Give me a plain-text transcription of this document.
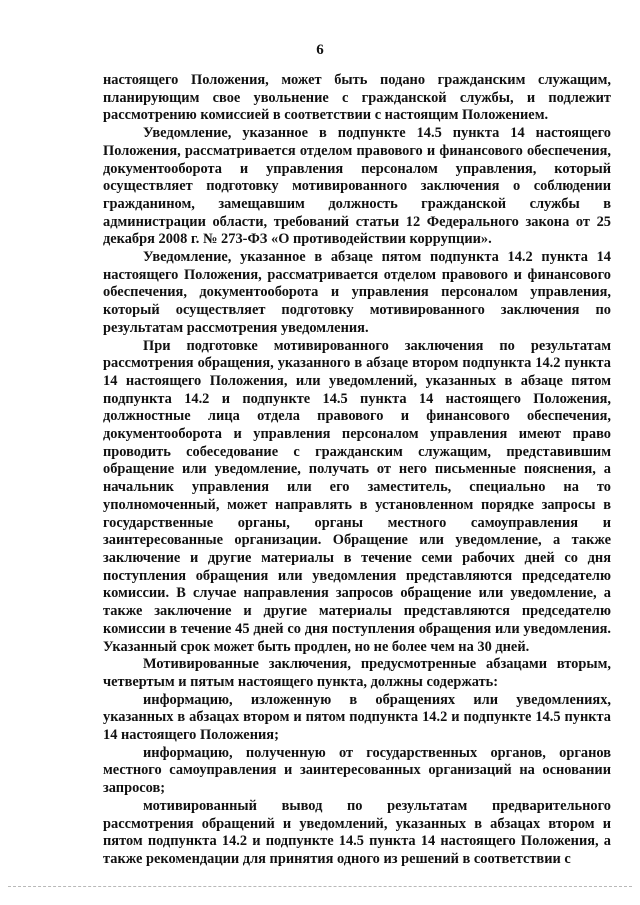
6

настоящего Положения, может быть подано гражданским служащим, планирующим свое увольнение с гражданской службы, и подлежит рассмотрению комиссией в соответствии с настоящим Положением.

Уведомление, указанное в подпункте 14.5 пункта 14 настоящего Положения, рассматривается отделом правового и финансового обеспечения, документооборота и управления персоналом управления, который осуществляет подготовку мотивированного заключения о соблюдении гражданином, замещавшим должность гражданской службы в администрации области, требований статьи 12 Федерального закона от 25 декабря 2008 г. № 273-ФЗ «О противодействии коррупции».

Уведомление, указанное в абзаце пятом подпункта 14.2 пункта 14 настоящего Положения, рассматривается отделом правового и финансового обеспечения, документооборота и управления персоналом управления, который осуществляет подготовку мотивированного заключения по результатам рассмотрения уведомления.

При подготовке мотивированного заключения по результатам рассмотрения обращения, указанного в абзаце втором подпункта 14.2 пункта 14 настоящего Положения, или уведомлений, указанных в абзаце пятом подпункта 14.2 и подпункте 14.5 пункта 14 настоящего Положения, должностные лица отдела правового и финансового обеспечения, документооборота и управления персоналом управления имеют право проводить собеседование с гражданским служащим, представившим обращение или уведомление, получать от него письменные пояснения, а начальник управления или его заместитель, специально на то уполномоченный, может направлять в установленном порядке запросы в государственные органы, органы местного самоуправления и заинтересованные организации. Обращение или уведомление, а также заключение и другие материалы в течение семи рабочих дней со дня поступления обращения или уведомления представляются председателю комиссии. В случае направления запросов обращение или уведомление, а также заключение и другие материалы представляются председателю комиссии в течение 45 дней со дня поступления обращения или уведомления. Указанный срок может быть продлен, но не более чем на 30 дней.

Мотивированные заключения, предусмотренные абзацами вторым, четвертым и пятым настоящего пункта, должны содержать:

информацию, изложенную в обращениях или уведомлениях, указанных в абзацах втором и пятом подпункта 14.2 и подпункте 14.5 пункта 14 настоящего Положения;

информацию, полученную от государственных органов, органов местного самоуправления и заинтересованных организаций на основании запросов;

мотивированный вывод по результатам предварительного рассмотрения обращений и уведомлений, указанных в абзацах втором и пятом подпункта 14.2 и подпункте 14.5 пункта 14 настоящего Положения, а также рекомендации для принятия одного из решений в соответствии с
